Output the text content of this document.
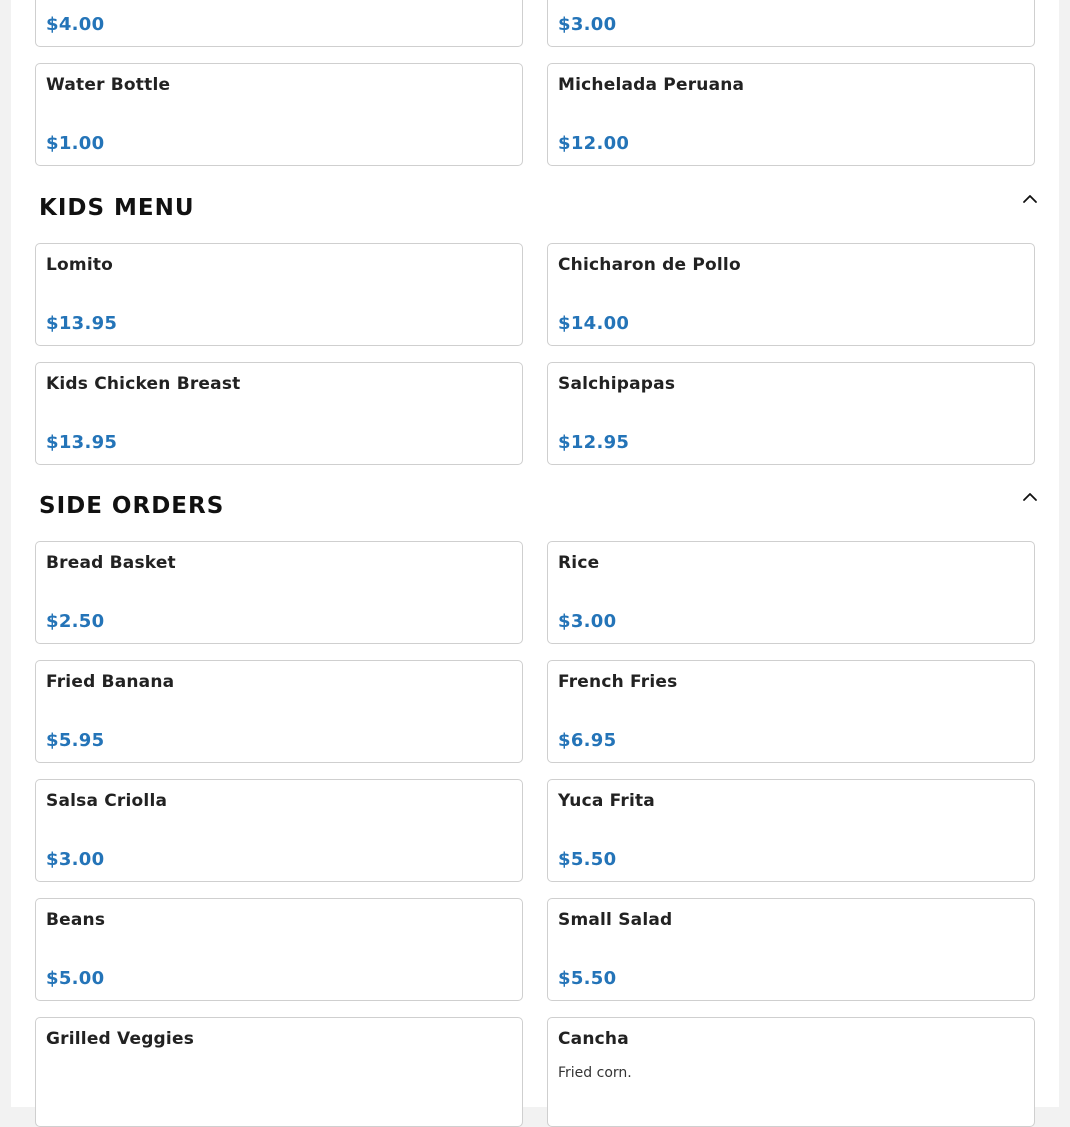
$4.00	$3.00
Water Bottle
$1.00
Michelada Peruana
$12.00
KIDS MENU
Lomito
$13.95
Chicharon de Pollo
$14.00
Kids Chicken Breast
$13.95
Salchipapas
$12.95
SIDE ORDERS
Bread Basket
$2.50
Rice
$3.00
Fried Banana
$5.95
French Fries
$6.95
Salsa Criolla
$3.00
Yuca Frita
$5.50
Beans
$5.00
Small Salad
$5.50
Grilled Veggies	Cancha
Fried corn.
